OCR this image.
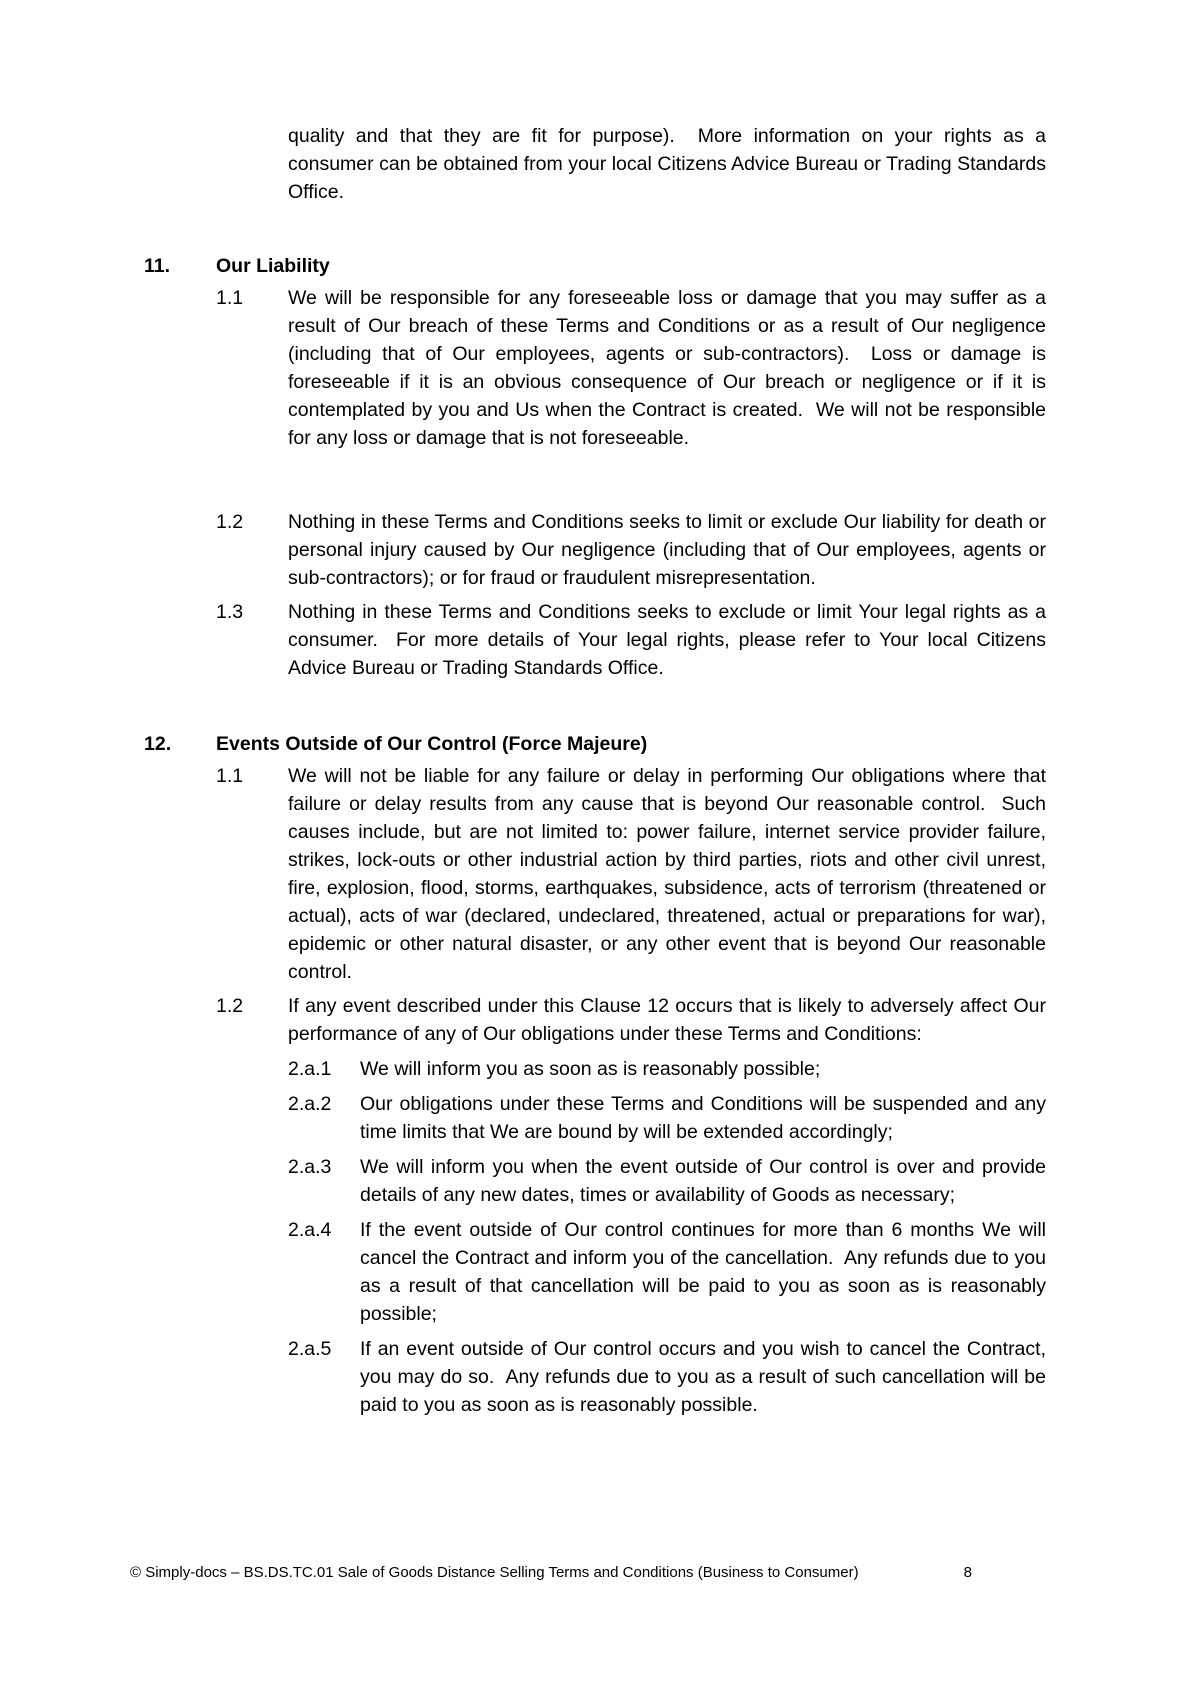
quality and that they are fit for purpose).  More information on your rights as a consumer can be obtained from your local Citizens Advice Bureau or Trading Standards Office.

11.	Our Liability
1.1	We will be responsible for any foreseeable loss or damage that you may suffer as a result of Our breach of these Terms and Conditions or as a result of Our negligence (including that of Our employees, agents or sub-contractors).  Loss or damage is foreseeable if it is an obvious consequence of Our breach or negligence or if it is contemplated by you and Us when the Contract is created.  We will not be responsible for any loss or damage that is not foreseeable.

1.2	Nothing in these Terms and Conditions seeks to limit or exclude Our liability for death or personal injury caused by Our negligence (including that of Our employees, agents or sub-contractors); or for fraud or fraudulent misrepresentation.

1.3	Nothing in these Terms and Conditions seeks to exclude or limit Your legal rights as a consumer.  For more details of Your legal rights, please refer to Your local Citizens Advice Bureau or Trading Standards Office.

12.	Events Outside of Our Control (Force Majeure)
1.1	We will not be liable for any failure or delay in performing Our obligations where that failure or delay results from any cause that is beyond Our reasonable control.  Such causes include, but are not limited to: power failure, internet service provider failure, strikes, lock-outs or other industrial action by third parties, riots and other civil unrest, fire, explosion, flood, storms, earthquakes, subsidence, acts of terrorism (threatened or actual), acts of war (declared, undeclared, threatened, actual or preparations for war), epidemic or other natural disaster, or any other event that is beyond Our reasonable control.

1.2	If any event described under this Clause 12 occurs that is likely to adversely affect Our performance of any of Our obligations under these Terms and Conditions:

2.a.1	We will inform you as soon as is reasonably possible;

2.a.2	Our obligations under these Terms and Conditions will be suspended and any time limits that We are bound by will be extended accordingly;

2.a.3	We will inform you when the event outside of Our control is over and provide details of any new dates, times or availability of Goods as necessary;

2.a.4	If the event outside of Our control continues for more than 6 months We will cancel the Contract and inform you of the cancellation.  Any refunds due to you as a result of that cancellation will be paid to you as soon as is reasonably possible;

2.a.5	If an event outside of Our control occurs and you wish to cancel the Contract, you may do so.  Any refunds due to you as a result of such cancellation will be paid to you as soon as is reasonably possible.

© Simply-docs – BS.DS.TC.01 Sale of Goods Distance Selling Terms and Conditions (Business to Consumer)	8
